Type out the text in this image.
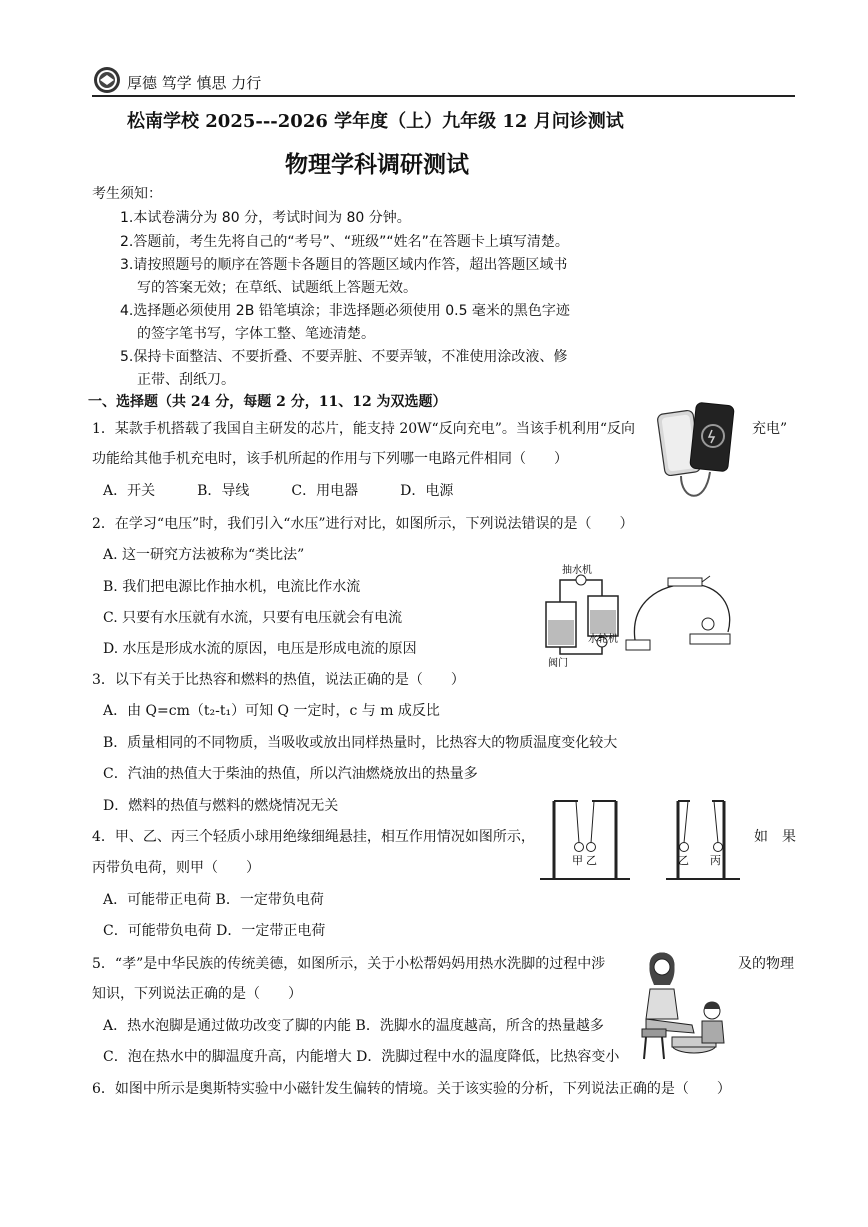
厚德 笃学 慎思 力行
松南学校 2025---2026 学年度（上）九年级 12 月问诊测试
物理学科调研测试
考生须知：
1.本试卷满分为 80 分，考试时间为 80 分钟。
2.答题前，考生先将自己的“考号”、“班级”“姓名”在答题卡上填写清楚。
3.请按照题号的顺序在答题卡各题目的答题区域内作答，超出答题区域书
写的答案无效；在草纸、试题纸上答题无效。
4.选择题必须使用 2B 铅笔填涂；非选择题必须使用 0.5 毫米的黑色字迹
的签字笔书写，字体工整、笔迹清楚。
5.保持卡面整洁、不要折叠、不要弄脏、不要弄皱，不准使用涂改液、修
正带、刮纸刀。
一、选择题（共 24 分，每题 2 分，11、12 为双选题）
1．某款手机搭载了我国自主研发的芯片，能支持 20W“反向充电”。当该手机利用“反向	充电”
功能给其他手机充电时，该手机所起的作用与下列哪一电路元件相同（　　）
A．开关　　　B．导线　　　C．用电器　　　D．电源
2．在学习“电压”时，我们引入“水压”进行对比，如图所示，下列说法错误的是（　　）
A. 这一研究方法被称为“类比法”
B. 我们把电源比作抽水机，电流比作水流
C. 只要有水压就有水流，只要有电压就会有电流
D. 水压是形成水流的原因，电压是形成电流的原因
抽水机
水轮机
阀门
3．以下有关于比热容和燃料的热值，说法正确的是（　　）
A．由 Q=cm（t₂-t₁）可知 Q 一定时，c 与 m 成反比
B．质量相同的不同物质，当吸收或放出同样热量时，比热容大的物质温度变化较大
C．汽油的热值大于柴油的热值，所以汽油燃烧放出的热量多
D．燃料的热值与燃料的燃烧情况无关
4．甲、乙、丙三个轻质小球用绝缘细绳悬挂，相互作用情况如图所示，	如　果
丙带负电荷，则甲（　　）
A．可能带正电荷 B．一定带负电荷
C．可能带负电荷 D．一定带正电荷
甲 乙	乙 丙
5．“孝”是中华民族的传统美德，如图所示，关于小松帮妈妈用热水洗脚的过程中涉	及的物理
知识，下列说法正确的是（　　）
A．热水泡脚是通过做功改变了脚的内能 B．洗脚水的温度越高，所含的热量越多
C．泡在热水中的脚温度升高，内能增大 D．洗脚过程中水的温度降低，比热容变小
6．如图中所示是奥斯特实验中小磁针发生偏转的情境。关于该实验的分析，下列说法正确的是（　　）
